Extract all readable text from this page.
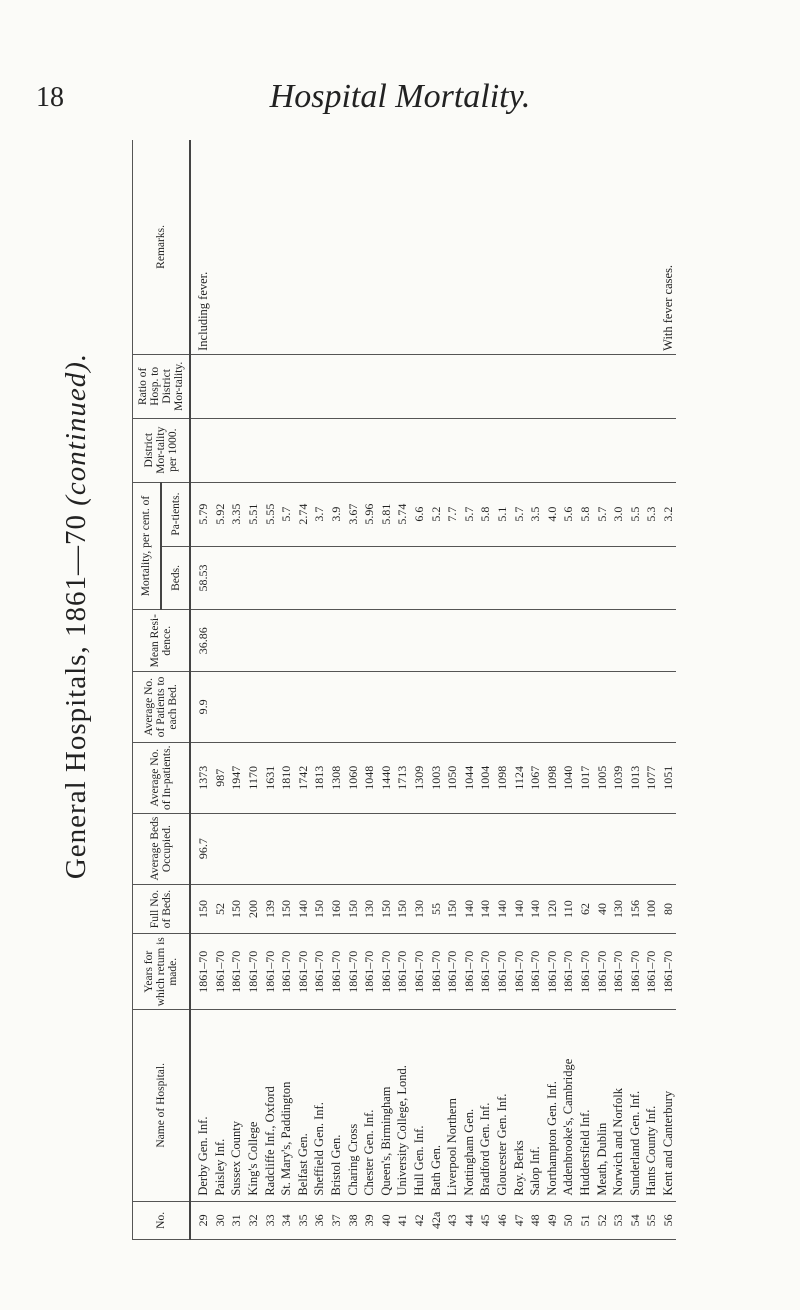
18	Hospital Mortality.
General Hospitals, 1861—70 (continued).
No.	Name of Hospital.	Years for which return is made.	Full No. of Beds.	Average Beds Occupied.	Average No. of In-patients.	Average No. of Patients to each Bed.	Mean Resi-dence.	Mortality, per cent. of		District Mor-tality per 1000.	Ratio of Hosp. to District Mor-tality.	Remarks.
								Beds.	Pa-tients.			
29	Derby Gen. Inf.	1861–70	150	96.7	1373	9.9	36.86	58.53	5.79			Including fever.
30	Paisley Inf.	1861–70	52		987				5.92			
31	Sussex County	1861–70	150		1947				3.35			
32	King's College	1861–70	200		1170				5.51			
33	Radcliffe Inf., Oxford	1861–70	139		1631				5.55			
34	St. Mary's, Paddington	1861–70	150		1810				5.7			
35	Belfast Gen.	1861–70	140		1742				2.74			
36	Sheffield Gen. Inf.	1861–70	150		1813				3.7			
37	Bristol Gen.	1861–70	160		1308				3.9			
38	Charing Cross	1861–70	150		1060				3.67			
39	Chester Gen. Inf.	1861–70	130		1048				5.96			
40	Queen's, Birmingham	1861–70	150		1440				5.81			
41	University College, Lond.	1861–70	150		1713				5.74			
42	Hull Gen. Inf.	1861–70	130		1309				6.6			
42a	Bath Gen.	1861–70	55		1003				5.2			
43	Liverpool Northern	1861–70	150		1050				7.7			
44	Nottingham Gen.	1861–70	140		1044				5.7			
45	Bradford Gen. Inf.	1861–70	140		1004				5.8			
46	Gloucester Gen. Inf.	1861–70	140		1098				5.1			
47	Roy. Berks	1861–70	140		1124				5.7			
48	Salop Inf.	1861–70	140		1067				3.5			
49	Northampton Gen. Inf.	1861–70	120		1098				4.0			
50	Addenbrooke's, Cambridge	1861–70	110		1040				5.6			
51	Huddersfield Inf.	1861–70	62		1017				5.8			
52	Meath, Dublin	1861–70	40		1005				5.7			
53	Norwich and Norfolk	1861–70	130		1039				3.0			
54	Sunderland Gen. Inf.	1861–70	156		1013				5.5			
55	Hants County Inf.	1861–70	100		1077				5.3			
56	Kent and Canterbury	1861–70	80		1051				3.2			With fever cases.
